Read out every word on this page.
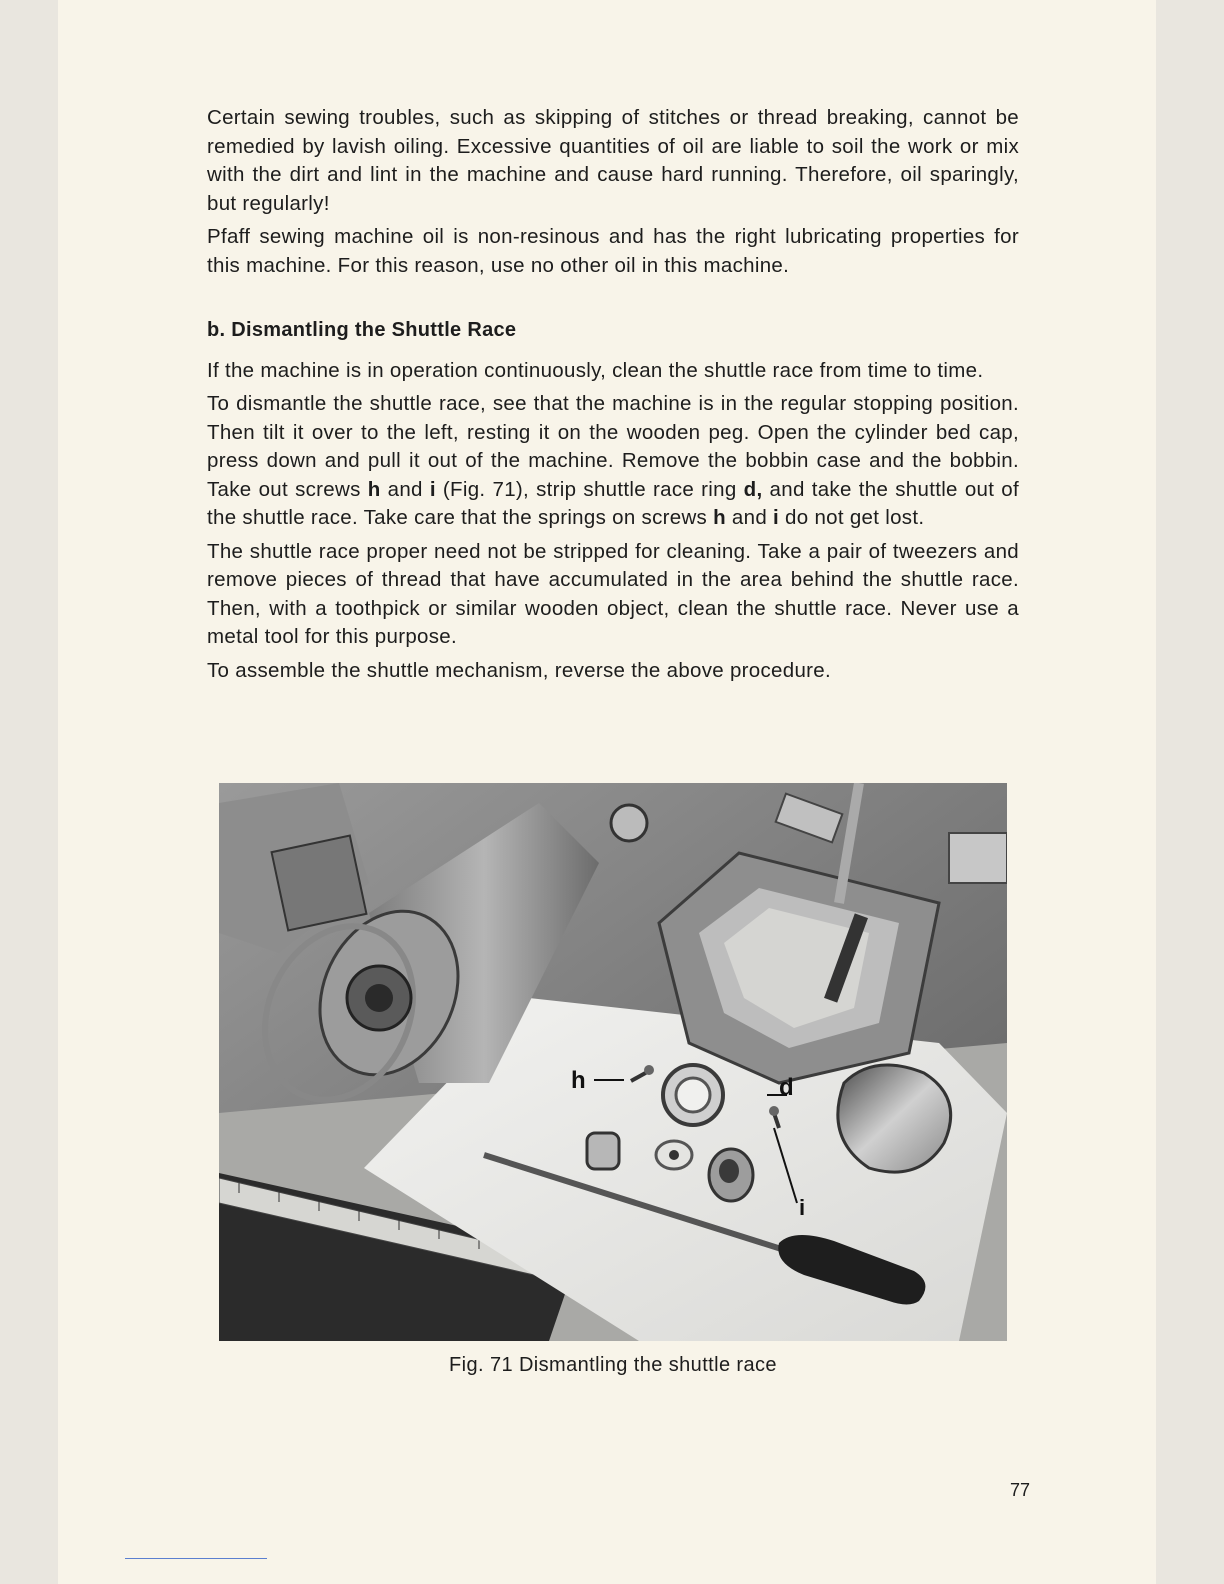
Certain sewing troubles, such as skipping of stitches or thread breaking, cannot be remedied by lavish oiling. Excessive quantities of oil are liable to soil the work or mix with the dirt and lint in the machine and cause hard running. Therefore, oil sparingly, but regularly!

Pfaff sewing machine oil is non-resinous and has the right lubricating properties for this machine. For this reason, use no other oil in this machine.

b. Dismantling the Shuttle Race

If the machine is in operation continuously, clean the shuttle race from time to time.

To dismantle the shuttle race, see that the machine is in the regular stopping position. Then tilt it over to the left, resting it on the wooden peg. Open the cylinder bed cap, press down and pull it out of the machine. Remove the bobbin case and the bobbin. Take out screws h and i (Fig. 71), strip shuttle race ring d, and take the shuttle out of the shuttle race. Take care that the springs on screws h and i do not get lost.

The shuttle race proper need not be stripped for cleaning. Take a pair of tweezers and remove pieces of thread that have accumulated in the area behind the shuttle race. Then, with a toothpick or similar wooden object, clean the shuttle race. Never use a metal tool for this purpose.

To assemble the shuttle mechanism, reverse the above procedure.

h	d
i
Fig. 71 Dismantling the shuttle race
77
